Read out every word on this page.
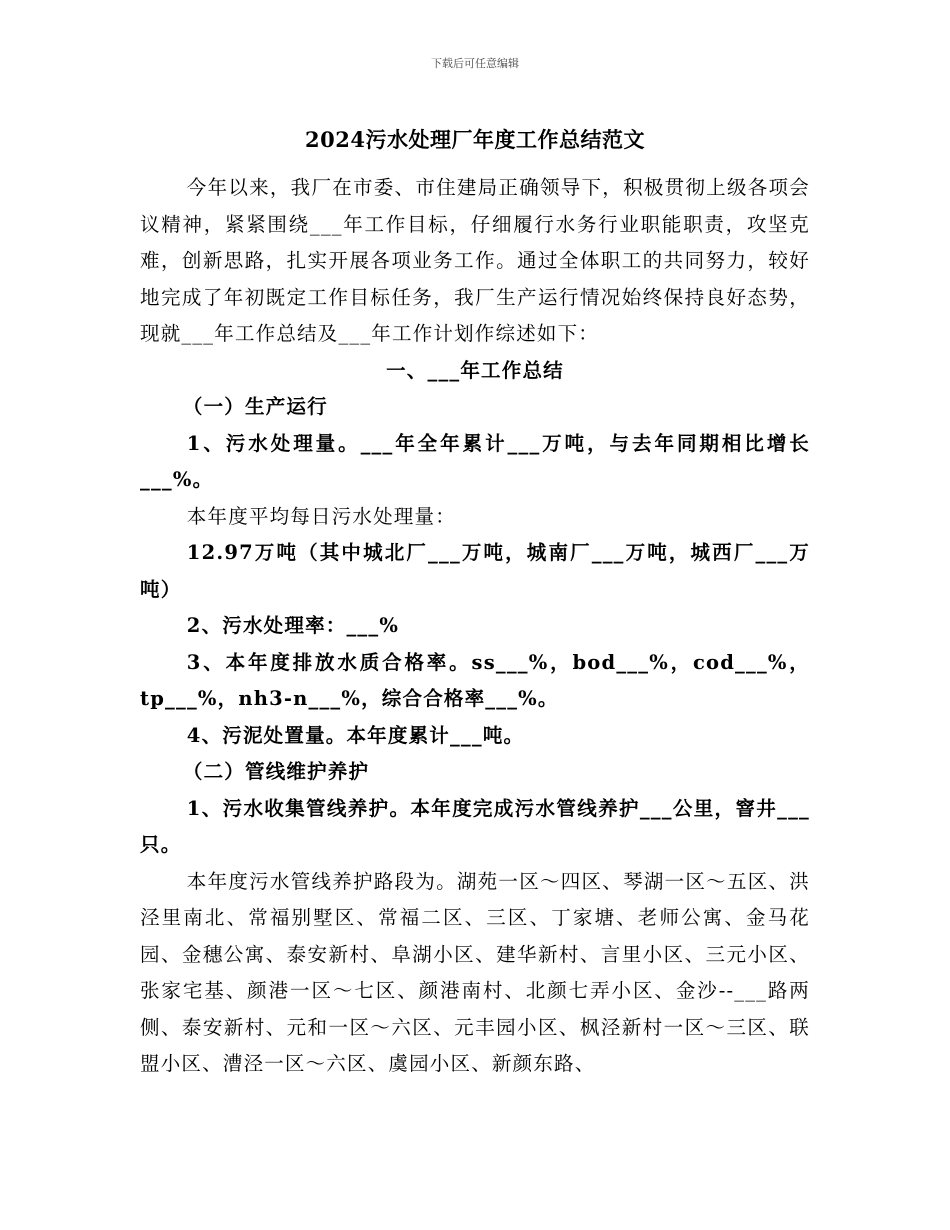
下载后可任意编辑
2024污水处理厂年度工作总结范文

今年以来，我厂在市委、市住建局正确领导下，积极贯彻上级各项会议精神，紧紧围绕___年工作目标，仔细履行水务行业职能职责，攻坚克难，创新思路，扎实开展各项业务工作。通过全体职工的共同努力，较好地完成了年初既定工作目标任务，我厂生产运行情况始终保持良好态势，现就___年工作总结及___年工作计划作综述如下：

一、___年工作总结

（一）生产运行

1、污水处理量。___年全年累计___万吨，与去年同期相比增长___%。

本年度平均每日污水处理量：

12.97万吨（其中城北厂___万吨，城南厂___万吨，城西厂___万吨）

2、污水处理率：___%

3、本年度排放水质合格率。ss___%，bod___%，cod___%，tp___%，nh3-n___%，综合合格率___%。

4、污泥处置量。本年度累计___吨。

（二）管线维护养护

1、污水收集管线养护。本年度完成污水管线养护___公里，窨井___只。

本年度污水管线养护路段为。湖苑一区～四区、琴湖一区～五区、洪泾里南北、常福别墅区、常福二区、三区、丁家塘、老师公寓、金马花园、金穗公寓、泰安新村、阜湖小区、建华新村、言里小区、三元小区、张家宅基、颜港一区～七区、颜港南村、北颜七弄小区、金沙--___路两侧、泰安新村、元和一区～六区、元丰园小区、枫泾新村一区～三区、联盟小区、漕泾一区～六区、虞园小区、新颜东路、
